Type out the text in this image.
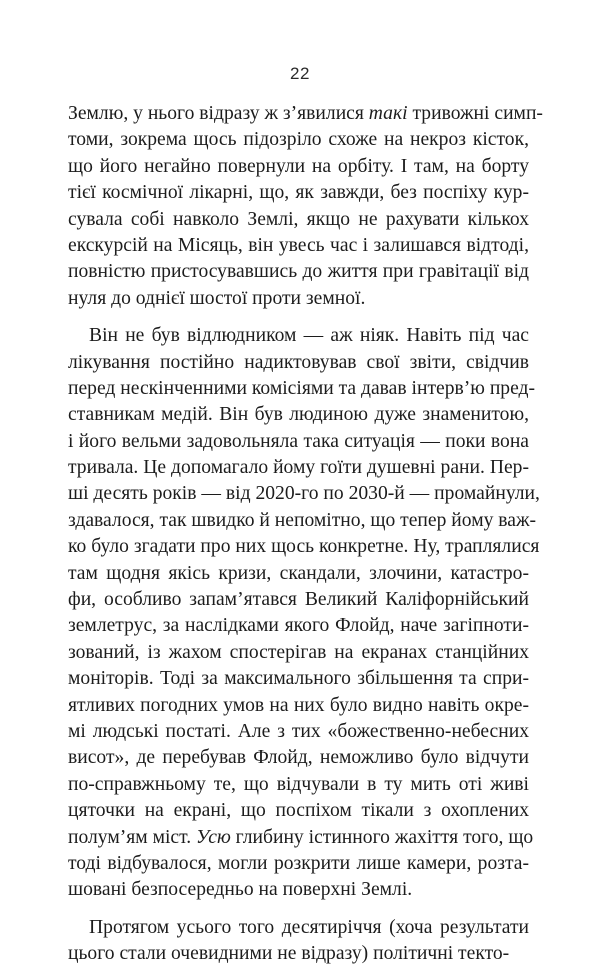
22
Землю, у нього відразу ж з’явилися такі тривожні симп-
томи, зокрема щось підозріло схоже на некроз кісток,
що його негайно повернули на орбіту. І там, на борту
тієї космічної лікарні, що, як завжди, без поспіху кур-
сувала собі навколо Землі, якщо не рахувати кількох
екскурсій на Місяць, він увесь час і залишався відтоді,
повністю пристосувавшись до життя при гравітації від
нуля до однієї шостої проти земної.
Він не був відлюдником — аж ніяк. Навіть під час
лікування постійно надиктовував свої звіти, свідчив
перед нескінченними комісіями та давав інтерв’ю пред-
ставникам медій. Він був людиною дуже знаменитою,
і його вельми задовольняла така ситуація — поки вона
тривала. Це допомагало йому гоїти душевні рани. Пер-
ші десять років — від 2020-го по 2030-й — промайнули,
здавалося, так швидко й непомітно, що тепер йому важ-
ко було згадати про них щось конкретне. Ну, траплялися
там щодня якісь кризи, скандали, злочини, катастро-
фи, особливо запам’ятався Великий Каліфорнійський
землетрус, за наслідками якого Флойд, наче загіпноти-
зований, із жахом спостерігав на екранах станційних
моніторів. Тоді за максимального збільшення та спри-
ятливих погодних умов на них було видно навіть окре-
мі людські постаті. Але з тих «божественно-небесних
висот», де перебував Флойд, неможливо було відчути
по-справжньому те, що відчували в ту мить оті живі
цяточки на екрані, що поспіхом тікали з охоплених
полум’ям міст. Усю глибину істинного жахіття того, що
тоді відбувалося, могли розкрити лише камери, розта-
шовані безпосередньо на поверхні Землі.
Протягом усього того десятиріччя (хоча результати
цього стали очевидними не відразу) політичні текто-
